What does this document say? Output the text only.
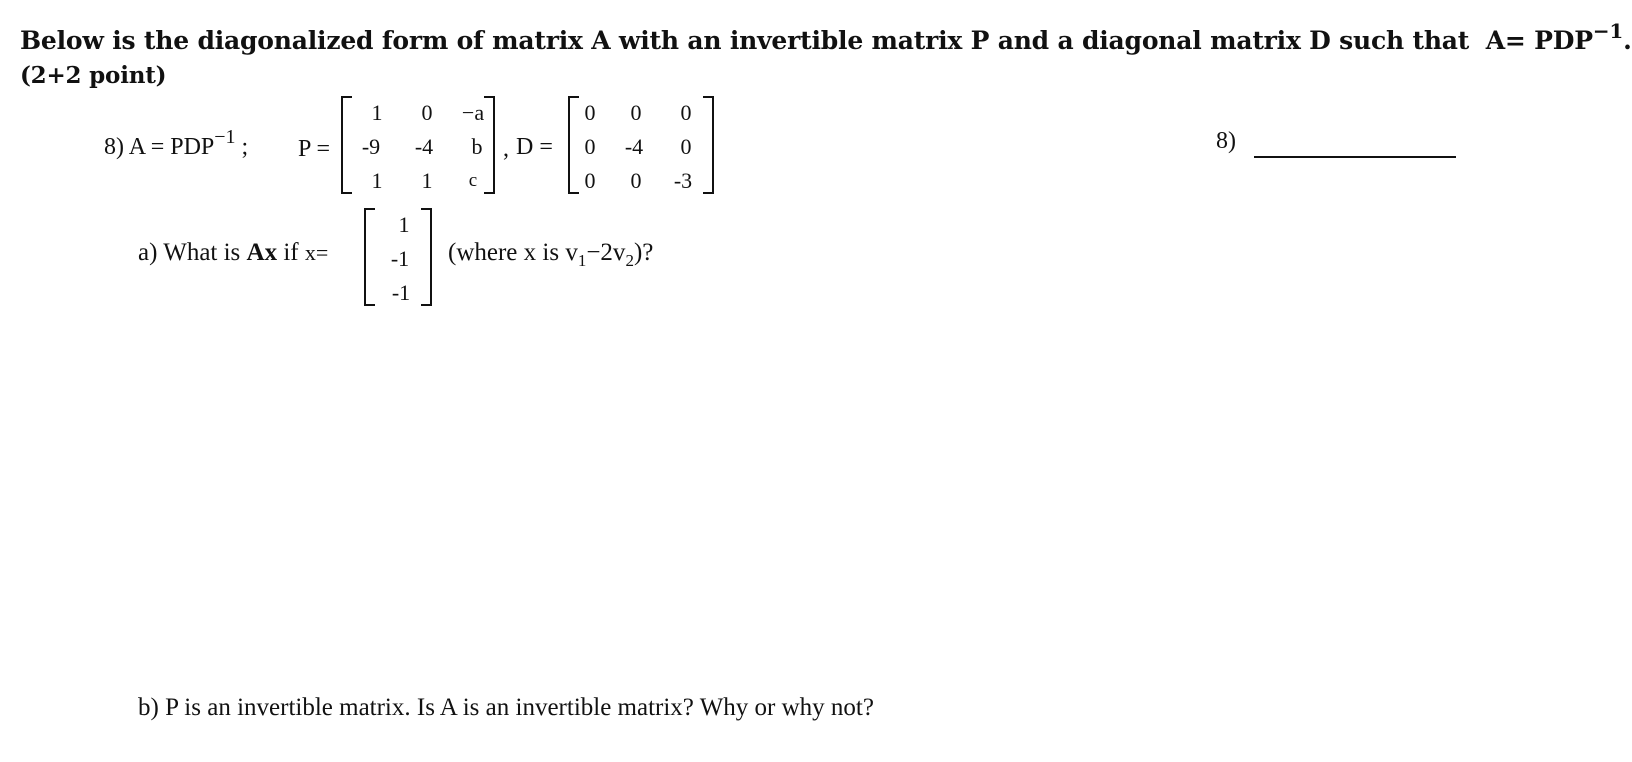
Below is the diagonalized form of matrix A with an invertible matrix P and a diagonal matrix D such that $A= PDP^{-1}$.
(2+2 point)
8) $A = PDP^{-1}$ ; P =
1	0	−a
-9	-4	b
1	1	c
, D =
0	0	0
0	-4	0
0	0	-3
8)
a) What is Ax if x=
1
-1
-1
(where x is $v_1-2v_2$)?
b) P is an invertible matrix. Is A is an invertible matrix? Why or why not?
